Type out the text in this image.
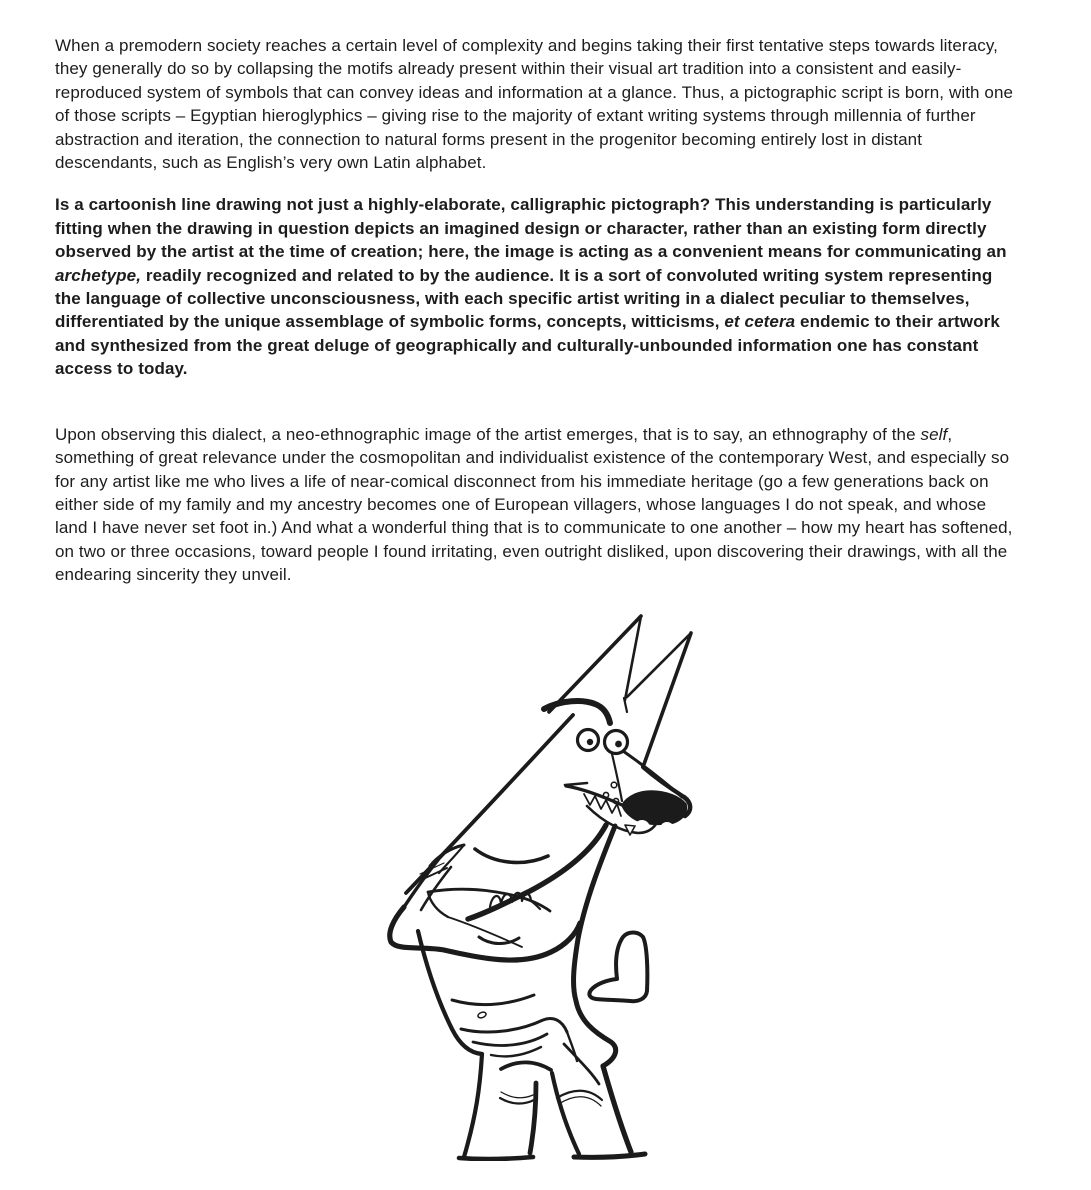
When a premodern society reaches a certain level of complexity and begins taking their first tentative steps towards literacy, they generally do so by collapsing the motifs already present within their visual art tradition into a consistent and easily-reproduced system of symbols that can convey ideas and information at a glance. Thus, a pictographic script is born, with one of those scripts – Egyptian hieroglyphics – giving rise to the majority of extant writing systems through millennia of further abstraction and iteration, the connection to natural forms present in the progenitor becoming entirely lost in distant descendants, such as English’s very own Latin alphabet.

Is a cartoonish line drawing not just a highly-elaborate, calligraphic pictograph? This understanding is particularly fitting when the drawing in question depicts an imagined design or character, rather than an existing form directly observed by the artist at the time of creation; here, the image is acting as a convenient means for communicating an archetype, readily recognized and related to by the audience. It is a sort of convoluted writing system representing the language of collective unconsciousness, with each specific artist writing in a dialect peculiar to themselves, differentiated by the unique assemblage of symbolic forms, concepts, witticisms, et cetera endemic to their artwork and synthesized from the great deluge of geographically and culturally-unbounded information one has constant access to today.

Upon observing this dialect, a neo-ethnographic image of the artist emerges, that is to say, an ethnography of the self, something of great relevance under the cosmopolitan and individualist existence of the contemporary West, and especially so for any artist like me who lives a life of near-comical disconnect from his immediate heritage (go a few generations back on either side of my family and my ancestry becomes one of European villagers, whose languages I do not speak, and whose land I have never set foot in.) And what a wonderful thing that is to communicate to one another – how my heart has softened, on two or three occasions, toward people I found irritating, even outright disliked, upon discovering their drawings, with all the endearing sincerity they unveil.
